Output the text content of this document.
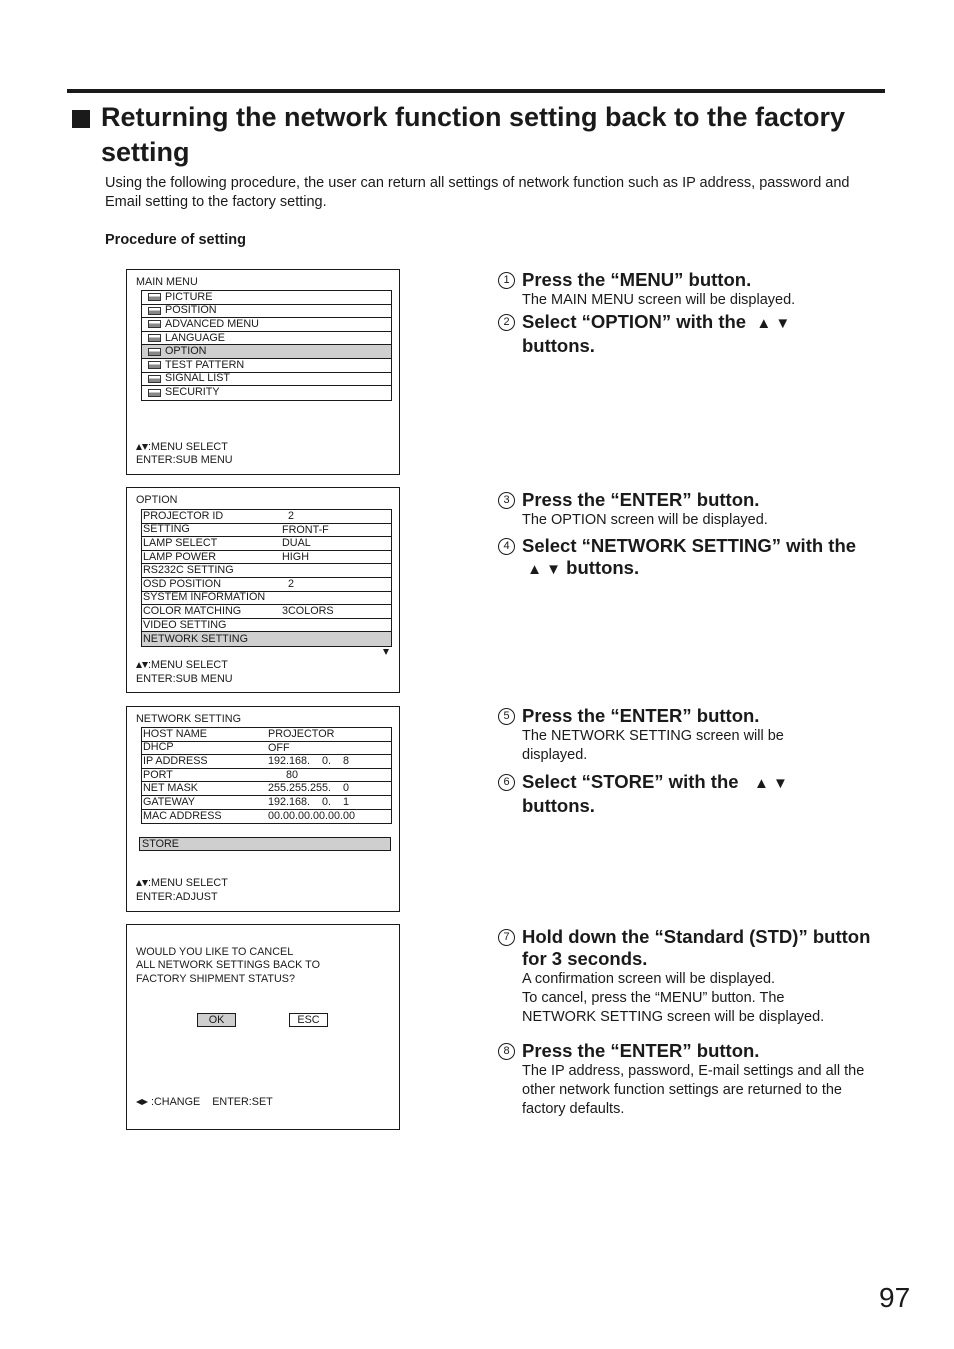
Returning the network function setting back to the factory setting

Using the following procedure, the user can return all settings of network function such as IP address, password and Email setting to the factory setting.

Procedure of setting
MAIN MENU
PICTURE
POSITION
ADVANCED MENU
LANGUAGE
OPTION
TEST PATTERN
SIGNAL LIST
SECURITY
:MENU SELECT
ENTER:SUB MENU
OPTION
PROJECTOR ID	2
SETTING	FRONT-F
LAMP SELECT	DUAL
LAMP POWER	HIGH
RS232C SETTING
OSD POSITION	2
SYSTEM INFORMATION
COLOR MATCHING	3COLORS
VIDEO SETTING
NETWORK SETTING
:MENU SELECT
ENTER:SUB MENU
NETWORK SETTING
HOST NAME	PROJECTOR
DHCP	OFF
IP ADDRESS	192.168.    0.    8
PORT	80
NET MASK	255.255.255.    0
GATEWAY	192.168.    0.    1
MAC ADDRESS	00.00.00.00.00.00
STORE
:MENU SELECT
ENTER:ADJUST
WOULD YOU LIKE TO CANCEL
ALL NETWORK SETTINGS BACK TO
FACTORY SHIPMENT STATUS?
OK	ESC
:CHANGE    ENTER:SET
1 Press the “MENU” button.
The MAIN MENU screen will be displayed.
2 Select “OPTION” with the ▲ ▼
buttons.
3 Press the “ENTER” button.
The OPTION screen will be displayed.
4 Select “NETWORK SETTING” with the
▲ ▼ buttons.
5 Press the “ENTER” button.
The NETWORK SETTING screen will be displayed.
6 Select “STORE” with the ▲ ▼
buttons.
7 Hold down the “Standard (STD)” button for 3 seconds.
A confirmation screen will be displayed.
To cancel, press the “MENU” button. The NETWORK SETTING screen will be displayed.
8 Press the “ENTER” button.
The IP address, password, E-mail settings and all the other network function settings are returned to the factory defaults.
97
